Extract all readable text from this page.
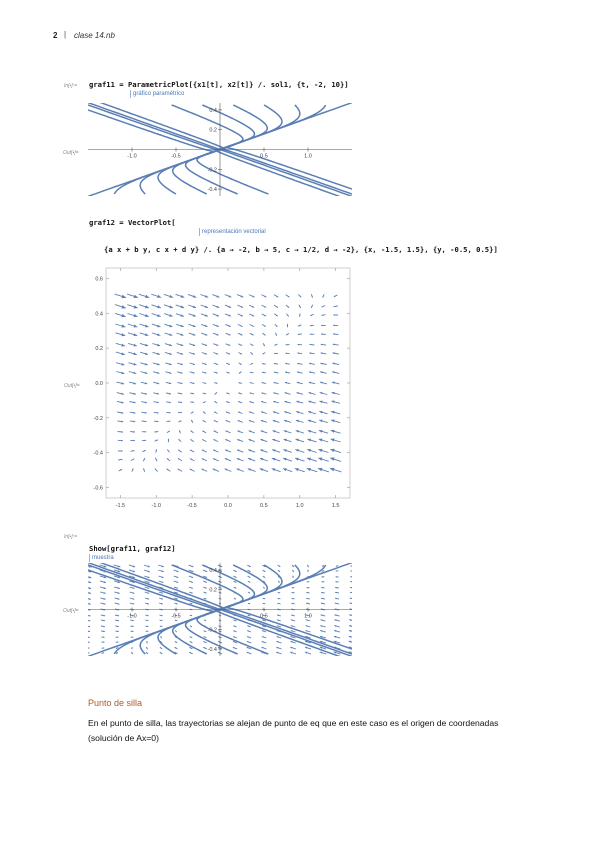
2 | clase 14.nb
In[•]:= graf11 = ParametricPlot[{x1[t], x2[t]} /. sol1, {t, -2, 10}]
gráfico paramétrico
Out[•]=
-1.0	-0.5	0.5	1.0
0.4
0.2
-0.2
-0.4
graf12 = VectorPlot[
representación vectorial
{a x + b y, c x + d y} /. {a → -2, b → 5, c → 1/2, d → -2}, {x, -1.5, 1.5}, {y, -0.5, 0.5}]
Out[•]=
-1.5	-1.0	-0.5	0.0	0.5	1.0	1.5
0.6
0.4
0.2
0.0
-0.2
-0.4
-0.6
In[•]:=
Show[graf11, graf12]
muestra
Out[•]=
-1.0	-0.5	0.5	1.0
0.4
0.2
-0.2
-0.4
Punto de silla
En el punto de silla, las trayectorias se alejan de punto de eq que en este caso es el origen de coordenadas (solución de Ax=0)
